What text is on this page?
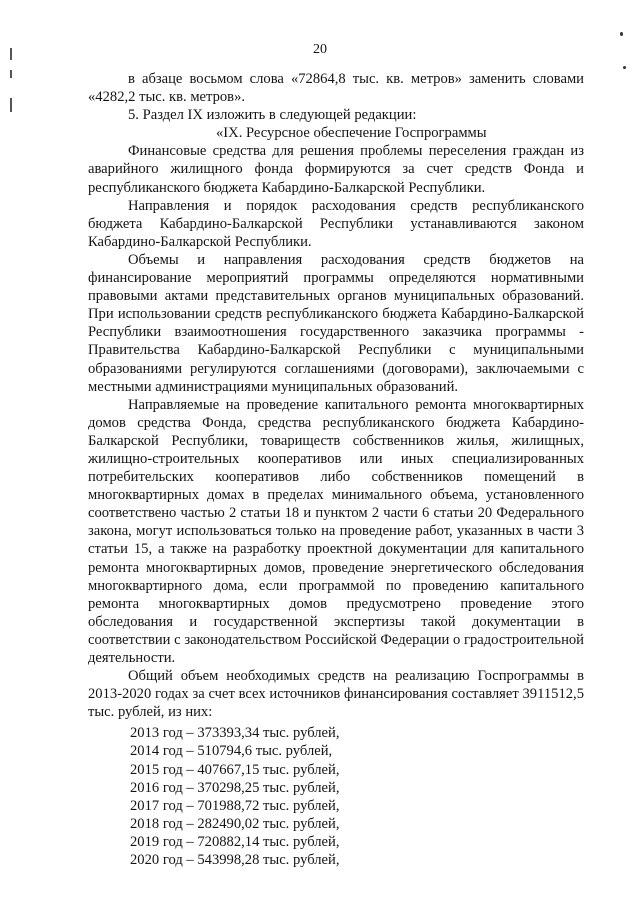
20

в абзаце восьмом слова «72864,8 тыс. кв. метров» заменить словами «4282,2 тыс. кв. метров».

5. Раздел IX изложить в следующей редакции:

«IX. Ресурсное обеспечение Госпрограммы

Финансовые средства для решения проблемы переселения граждан из аварийного жилищного фонда формируются за счет средств Фонда и республиканского бюджета Кабардино-Балкарской Республики.

Направления и порядок расходования средств республиканского бюджета Кабардино-Балкарской Республики устанавливаются законом Кабардино-Балкарской Республики.

Объемы и направления расходования средств бюджетов на финансирование мероприятий программы определяются нормативными правовыми актами представительных органов муниципальных образований. При использовании средств республиканского бюджета Кабардино-Балкарской Республики взаимоотношения государственного заказчика программы - Правительства Кабардино-Балкарской Республики с муниципальными образованиями регулируются соглашениями (договорами), заключаемыми с местными администрациями муниципальных образований.

Направляемые на проведение капитального ремонта многоквартирных домов средства Фонда, средства республиканского бюджета Кабардино-Балкарской Республики, товариществ собственников жилья, жилищных, жилищно-строительных кооперативов или иных специализированных потребительских кооперативов либо собственников помещений в многоквартирных домах в пределах минимального объема, установленного соответствено частью 2 статьи 18 и пунктом 2 части 6 статьи 20 Федерального закона, могут использоваться только на проведение работ, указанных в части 3 статьи 15, а также на разработку проектной документации для капитального ремонта многоквартирных домов, проведение энергетического обследования многоквартирного дома, если программой по проведению капитального ремонта многоквартирных домов предусмотрено проведение этого обследования и государственной экспертизы такой документации в соответствии с законодательством Российской Федерации о градостроительной деятельности.

Общий объем необходимых средств на реализацию Госпрограммы в 2013-2020 годах за счет всех источников финансирования составляет 3911512,5 тыс. рублей, из них:

2013 год – 373393,34 тыс. рублей,
2014 год – 510794,6 тыс. рублей,
2015 год – 407667,15 тыс. рублей,
2016 год – 370298,25 тыс. рублей,
2017 год – 701988,72 тыс. рублей,
2018 год – 282490,02 тыс. рублей,
2019 год – 720882,14 тыс. рублей,
2020 год – 543998,28 тыс. рублей,
